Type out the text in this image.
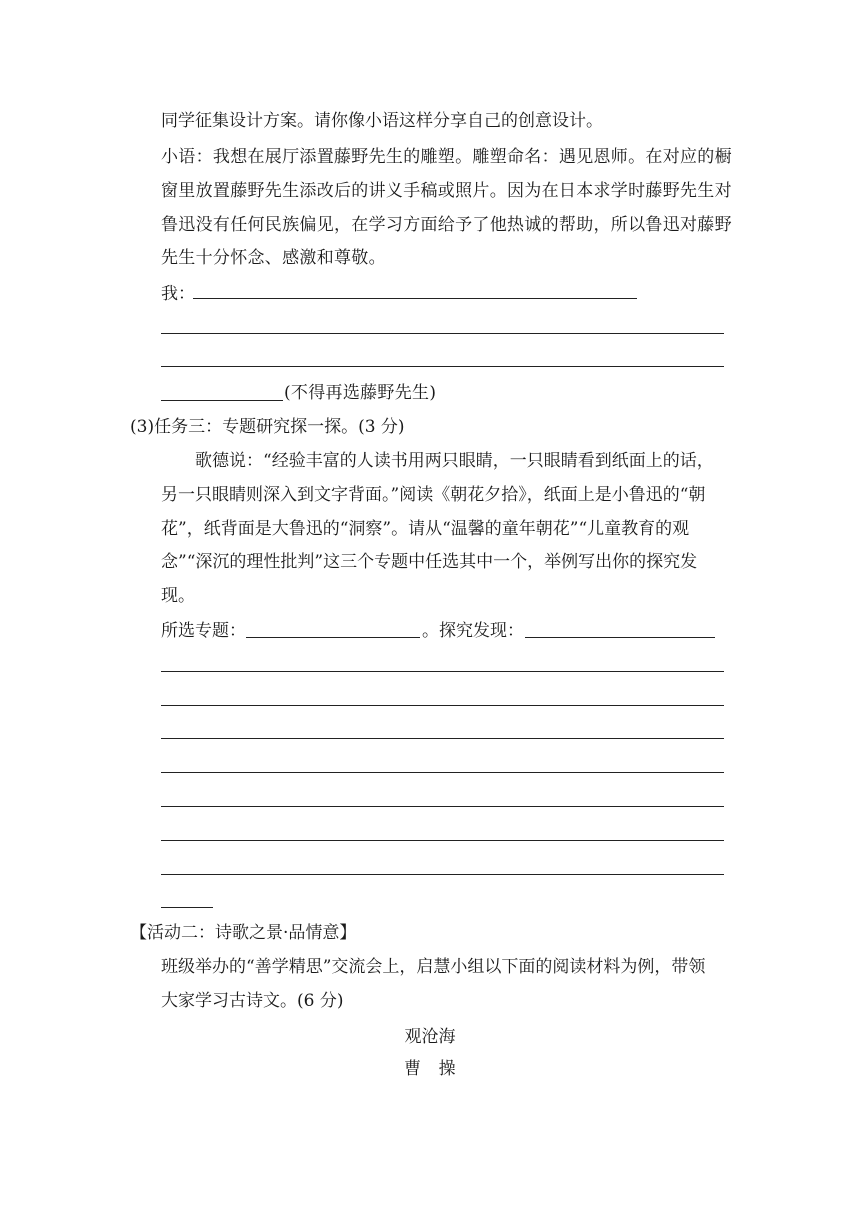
同学征集设计方案。请你像小语这样分享自己的创意设计。
小语：我想在展厅添置藤野先生的雕塑。雕塑命名：遇见恩师。在对应的橱
窗里放置藤野先生添改后的讲义手稿或照片。因为在日本求学时藤野先生对
鲁迅没有任何民族偏见，在学习方面给予了他热诚的帮助，所以鲁迅对藤野
先生十分怀念、感激和尊敬。
我：
(不得再选藤野先生)
(3)任务三：专题研究探一探。(3 分)
歌德说：“经验丰富的人读书用两只眼睛，一只眼睛看到纸面上的话，
另一只眼睛则深入到文字背面。”阅读《朝花夕拾》，纸面上是小鲁迅的“朝
花”，纸背面是大鲁迅的“洞察”。请从“温馨的童年朝花”“儿童教育的观
念”“深沉的理性批判”这三个专题中任选其中一个，举例写出你的探究发
现。
所选专题：	。探究发现：
【活动二：诗歌之景·品情意】
班级举办的“善学精思”交流会上，启慧小组以下面的阅读材料为例，带领
大家学习古诗文。(6 分)
观沧海
曹　操
